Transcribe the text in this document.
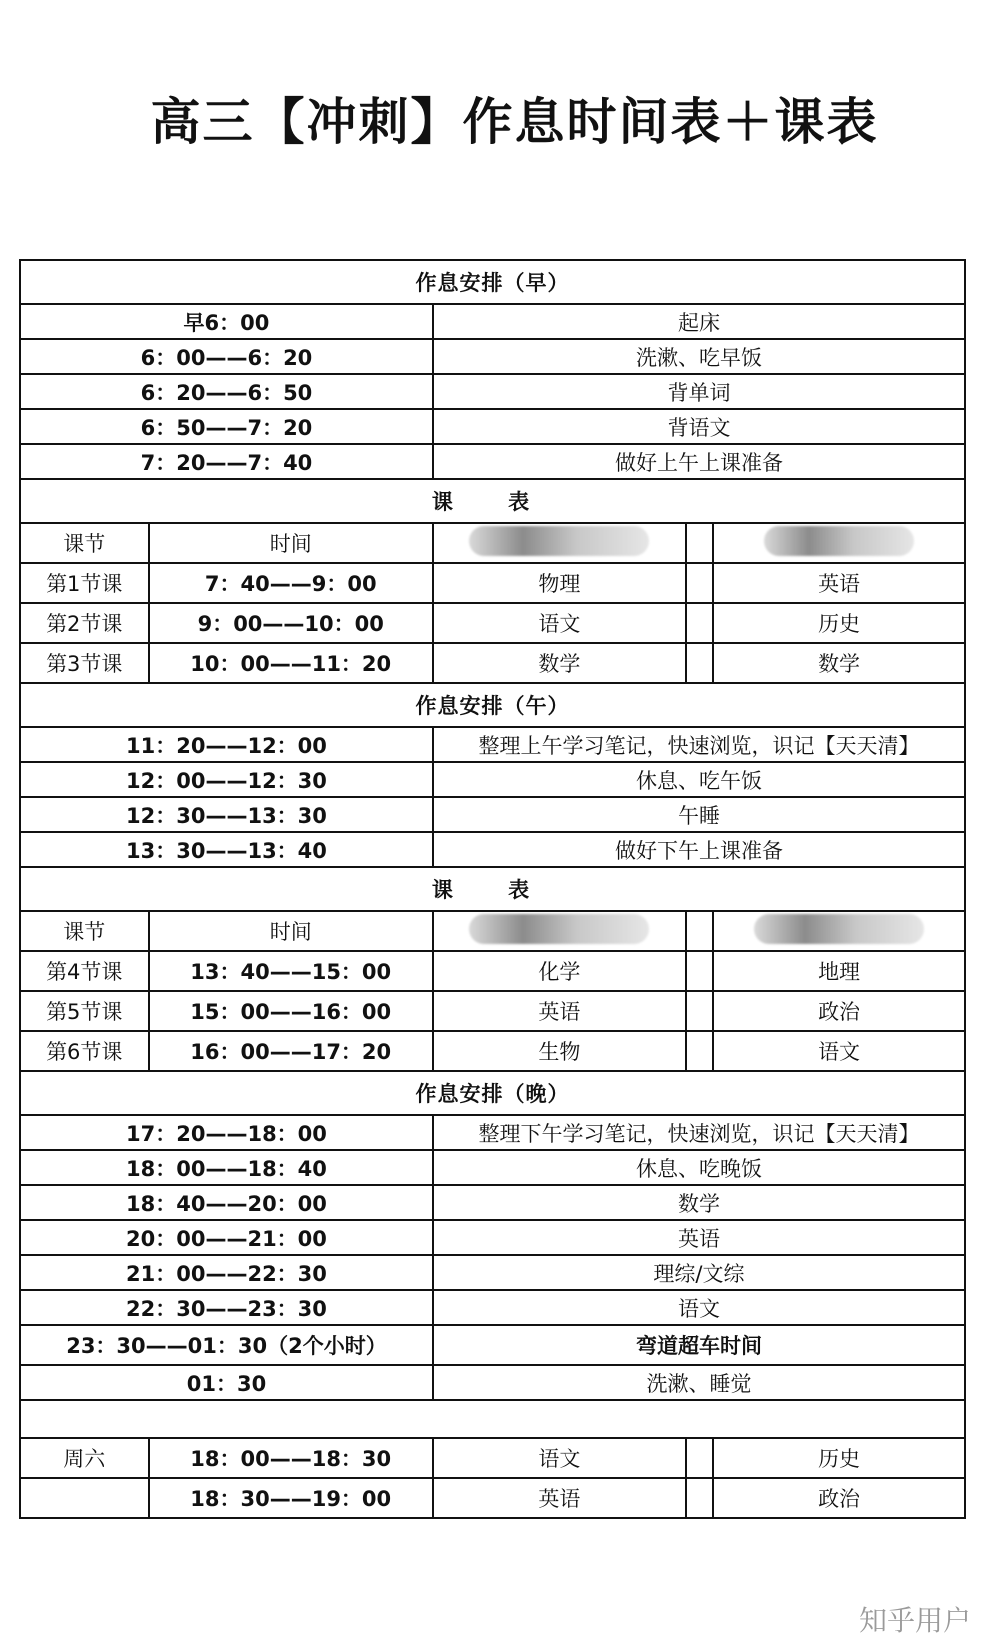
高三【冲刺】作息时间表＋课表
作息安排（早）				
早6：00		起床		
6：00——6：20		洗漱、吃早饭		
6：20——6：50		背单词		
6：50——7：20		背语文		
7：20——7：40		做好上午上课准备		
课 表				
课节	时间			
第1节课	7：40——9：00	物理		英语
第2节课	9：00——10：00	语文		历史
第3节课	10：00——11：20	数学		数学
作息安排（午）				
11：20——12：00		整理上午学习笔记，快速浏览，识记【天天清】		
12：00——12：30		休息、吃午饭		
12：30——13：30		午睡		
13：30——13：40		做好下午上课准备		
课 表				
课节	时间			
第4节课	13：40——15：00	化学		地理
第5节课	15：00——16：00	英语		政治
第6节课	16：00——17：20	生物		语文
作息安排（晚）				
17：20——18：00		整理下午学习笔记，快速浏览，识记【天天清】		
18：00——18：40		休息、吃晚饭		
18：40——20：00		数学		
20：00——21：00		英语		
21：00——22：30		理综/文综		
22：30——23：30		语文		
23：30——01：30（2个小时）		弯道超车时间		
01：30		洗漱、睡觉		

周六	18：00——18：30	语文		历史
	18：30——19：00	英语		政治
知乎用户
